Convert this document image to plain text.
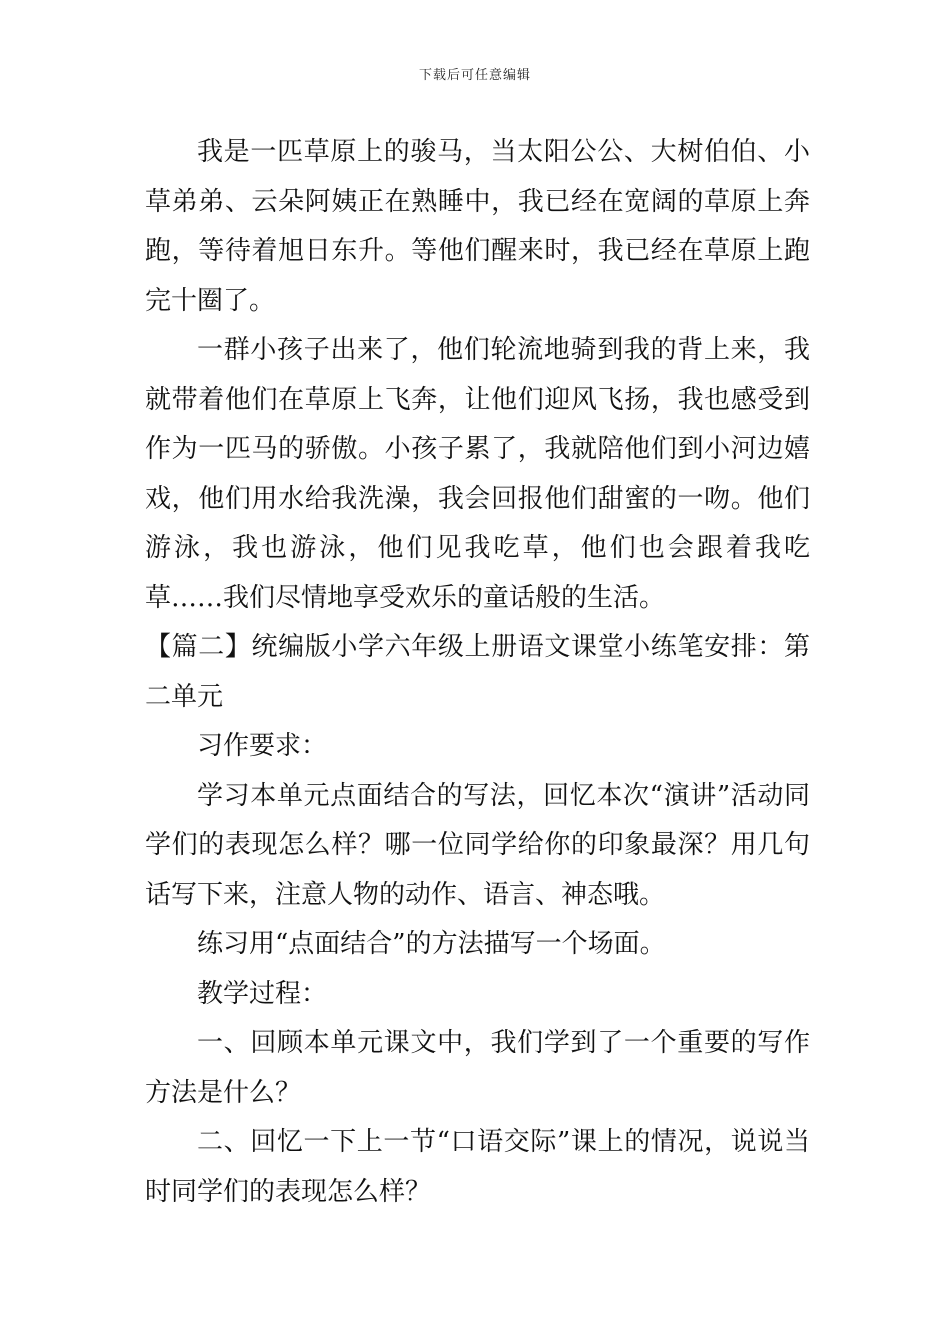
下载后可任意编辑

我是一匹草原上的骏马，当太阳公公、大树伯伯、小草弟弟、云朵阿姨正在熟睡中，我已经在宽阔的草原上奔跑，等待着旭日东升。等他们醒来时，我已经在草原上跑完十圈了。

一群小孩子出来了，他们轮流地骑到我的背上来，我就带着他们在草原上飞奔，让他们迎风飞扬，我也感受到作为一匹马的骄傲。小孩子累了，我就陪他们到小河边嬉戏，他们用水给我洗澡，我会回报他们甜蜜的一吻。他们游泳，我也游泳，他们见我吃草，他们也会跟着我吃草……我们尽情地享受欢乐的童话般的生活。

【篇二】统编版小学六年级上册语文课堂小练笔安排：第二单元

习作要求：

学习本单元点面结合的写法，回忆本次“演讲”活动同学们的表现怎么样？哪一位同学给你的印象最深？用几句话写下来，注意人物的动作、语言、神态哦。

练习用“点面结合”的方法描写一个场面。

教学过程：

一、回顾本单元课文中，我们学到了一个重要的写作方法是什么？

二、回忆一下上一节“口语交际”课上的情况，说说当时同学们的表现怎么样？
